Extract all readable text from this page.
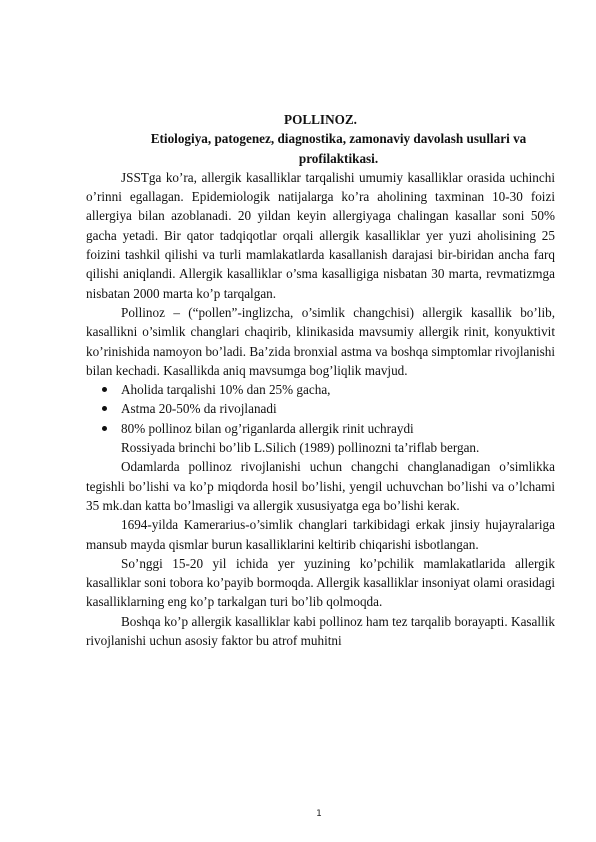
POLLINOZ.

Etiologiya, patogenez, diagnostika, zamonaviy davolash usullari va profilaktikasi.

JSSTga ko’ra, allergik kasalliklar tarqalishi umumiy kasalliklar orasida uchinchi o’rinni egallagan. Epidemiologik natijalarga ko’ra aholining taxminan 10-30 foizi allergiya bilan azoblanadi. 20 yildan keyin allergiyaga chalingan kasallar soni 50% gacha yetadi. Bir qator tadqiqotlar orqali allergik kasalliklar yer yuzi aholisining 25 foizini tashkil qilishi va turli mamlakatlarda kasallanish darajasi bir-biridan ancha farq qilishi aniqlandi. Allergik kasalliklar o’sma kasalligiga nisbatan 30 marta, revmatizmga nisbatan 2000 marta ko’p tarqalgan.

Pollinoz – (“pollen”-inglizcha, o’simlik changchisi) allergik kasallik bo’lib, kasallikni o’simlik changlari chaqirib, klinikasida mavsumiy allergik rinit, konyuktivit ko’rinishida namoyon bo’ladi. Ba’zida bronxial astma va boshqa simptomlar rivojlanishi bilan kechadi. Kasallikda aniq mavsumga bog’liqlik mavjud.

Aholida tarqalishi 10% dan 25% gacha,
Astma 20-50% da rivojlanadi
80% pollinoz bilan og’riganlarda allergik rinit uchraydi

Rossiyada brinchi bo’lib L.Silich (1989) pollinozni ta’riflab bergan.

Odamlarda pollinoz rivojlanishi uchun changchi changlanadigan o’simlikka tegishli bo’lishi va ko’p miqdorda hosil bo’lishi, yengil uchuvchan bo’lishi va o’lchami 35 mk.dan katta bo’lmasligi va allergik xususiyatga ega bo’lishi kerak.

1694-yilda Kamerarius-o’simlik changlari tarkibidagi erkak jinsiy hujayralariga mansub mayda qismlar burun kasalliklarini keltirib chiqarishi isbotlangan.

So’nggi 15-20 yil ichida yer yuzining ko’pchilik mamlakatlarida allergik kasalliklar soni tobora ko’payib bormoqda. Allergik kasalliklar insoniyat olami orasidagi kasalliklarning eng ko’p tarkalgan turi bo’lib qolmoqda.

Boshqa ko’p allergik kasalliklar kabi pollinoz ham tez tarqalib borayapti. Kasallik rivojlanishi uchun asosiy faktor bu atrof muhitni

1
